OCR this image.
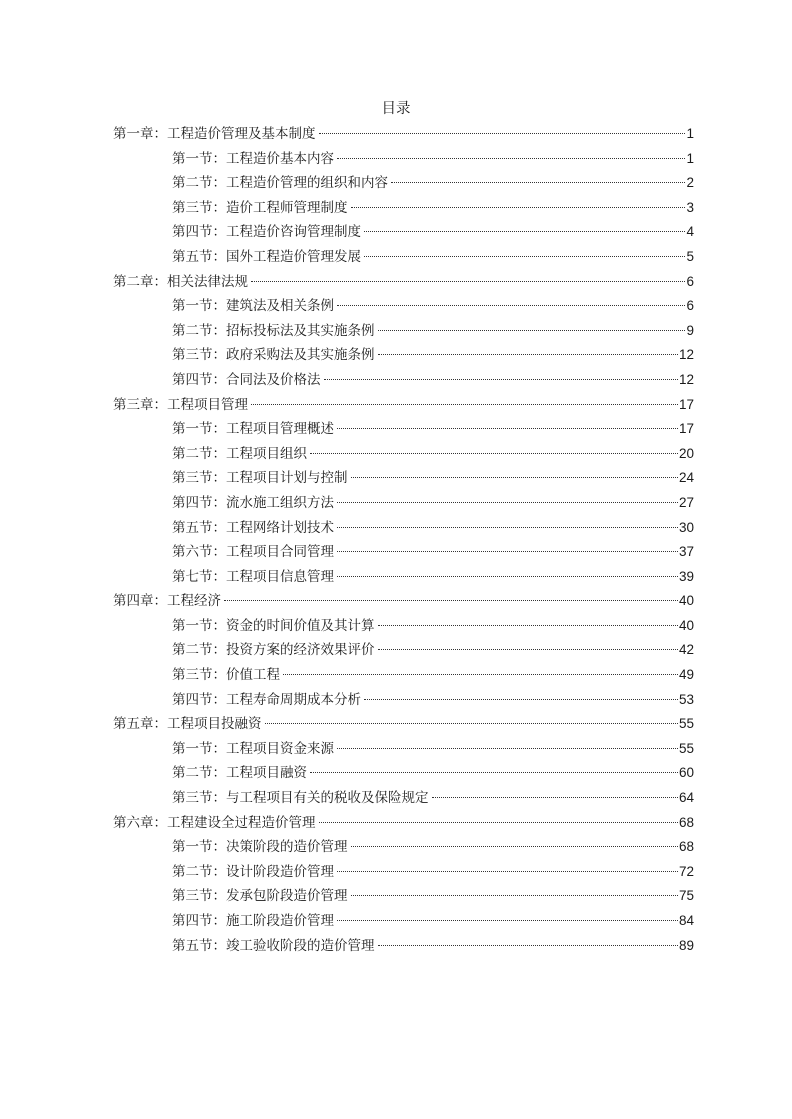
目录
第一章：工程造价管理及基本制度	1
第一节：工程造价基本内容	1
第二节：工程造价管理的组织和内容	2
第三节：造价工程师管理制度	3
第四节：工程造价咨询管理制度	4
第五节：国外工程造价管理发展	5
第二章：相关法律法规	6
第一节：建筑法及相关条例	6
第二节：招标投标法及其实施条例	9
第三节：政府采购法及其实施条例	12
第四节：合同法及价格法	12
第三章：工程项目管理	17
第一节：工程项目管理概述	17
第二节：工程项目组织	20
第三节：工程项目计划与控制	24
第四节：流水施工组织方法	27
第五节：工程网络计划技术	30
第六节：工程项目合同管理	37
第七节：工程项目信息管理	39
第四章：工程经济	40
第一节：资金的时间价值及其计算	40
第二节：投资方案的经济效果评价	42
第三节：价值工程	49
第四节：工程寿命周期成本分析	53
第五章：工程项目投融资	55
第一节：工程项目资金来源	55
第二节：工程项目融资	60
第三节：与工程项目有关的税收及保险规定	64
第六章：工程建设全过程造价管理	68
第一节：决策阶段的造价管理	68
第二节：设计阶段造价管理	72
第三节：发承包阶段造价管理	75
第四节：施工阶段造价管理	84
第五节：竣工验收阶段的造价管理	89
